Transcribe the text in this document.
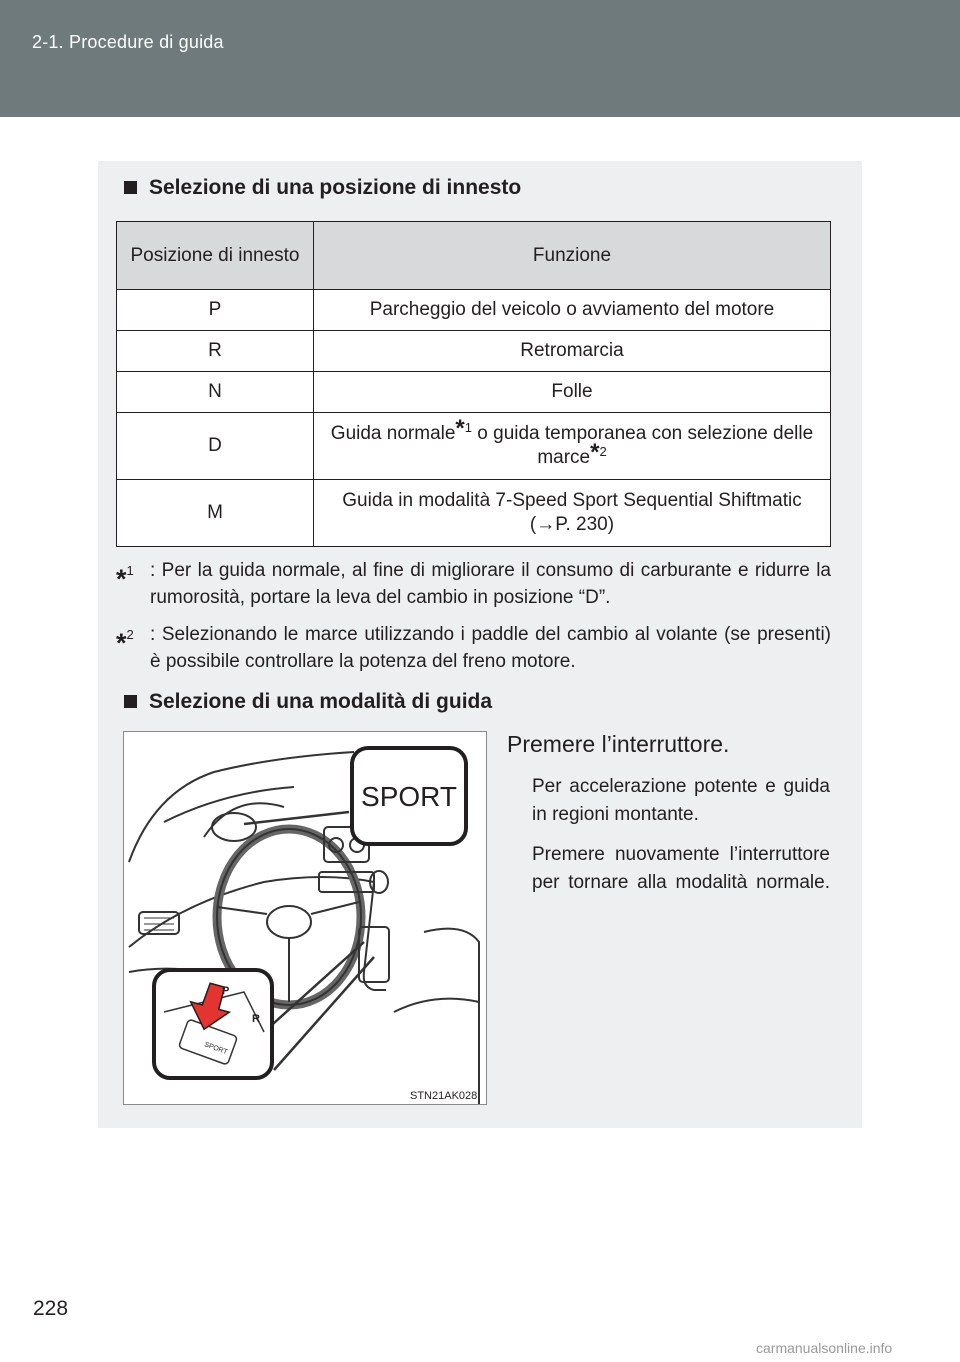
2-1. Procedure di guida
Selezione di una posizione di innesto
Posizione di innesto	Funzione
P	Parcheggio del veicolo o avviamento del motore
R	Retromarcia
N	Folle
D	Guida normale$^{*1}$ o guida temporanea con selezione delle marce$^{*2}$
M	Guida in modalità 7-Speed Sport Sequential Shiftmatic (→P. 230)
*$^1$ : Per la guida normale, al fine di migliorare il consumo di carburante e ridurre la rumorosità, portare la leva del cambio in posizione “D”.
*$^2$ : Selezionando le marce utilizzando i paddle del cambio al volante (se presenti) è possibile controllare la potenza del freno motore.
Selezione di una modalità di guida
SPORT
SPORT
P
R
STN21AK028
Premere l’interruttore.
Per accelerazione potente e guida in regioni montante.
Premere nuovamente l’interruttore per tornare alla modalità normale.
228
carmanualsonline.info
